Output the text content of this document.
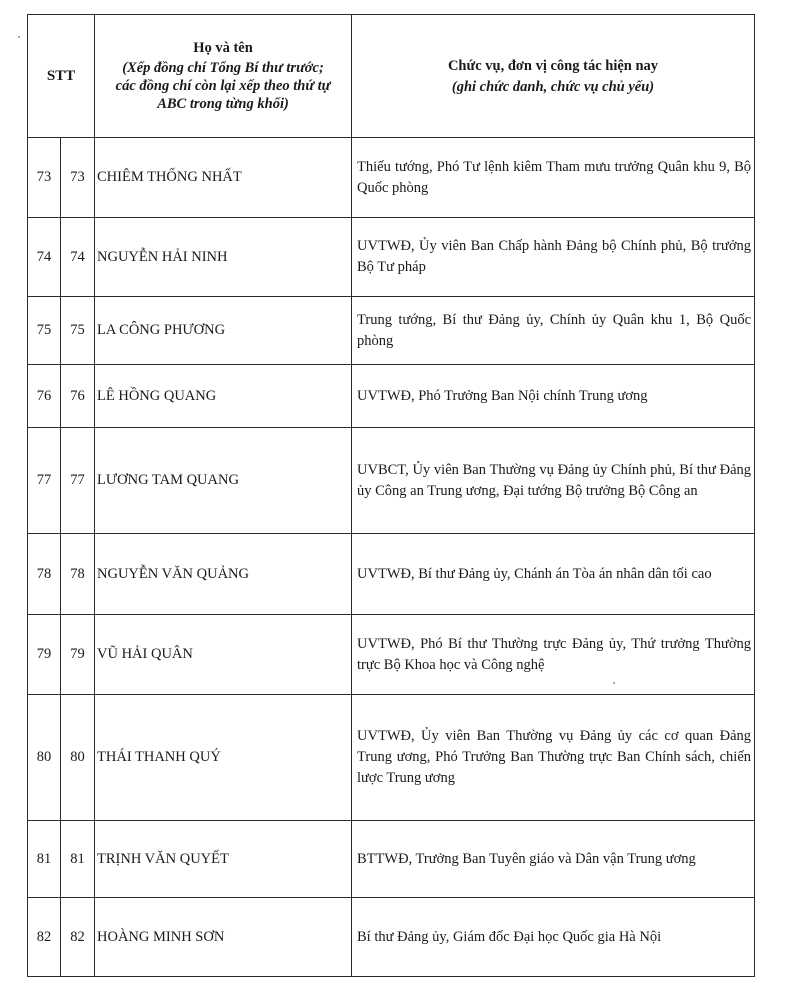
STT		Họ và tên
(Xếp đồng chí Tổng Bí thư trước;
các đồng chí còn lại xếp theo thứ tự
ABC trong từng khối)	Chức vụ, đơn vị công tác hiện nay
(ghi chức danh, chức vụ chủ yếu)

73	73	CHIÊM THỐNG NHẤT	Thiếu tướng, Phó Tư lệnh kiêm Tham mưu trưởng Quân khu 9, Bộ Quốc phòng
74	74	NGUYỄN HẢI NINH	UVTWĐ, Ủy viên Ban Chấp hành Đảng bộ Chính phủ, Bộ trưởng Bộ Tư pháp
75	75	LA CÔNG PHƯƠNG	Trung tướng, Bí thư Đảng ủy, Chính ủy Quân khu 1, Bộ Quốc phòng
76	76	LÊ HỒNG QUANG	UVTWĐ, Phó Trưởng Ban Nội chính Trung ương
77	77	LƯƠNG TAM QUANG	UVBCT, Ủy viên Ban Thường vụ Đảng ủy Chính phủ, Bí thư Đảng ủy Công an Trung ương, Đại tướng Bộ trưởng Bộ Công an
78	78	NGUYỄN VĂN QUẢNG	UVTWĐ, Bí thư Đảng ủy, Chánh án Tòa án nhân dân tối cao
79	79	VŨ HẢI QUÂN	UVTWĐ, Phó Bí thư Thường trực Đảng ủy, Thứ trưởng Thường trực Bộ Khoa học và Công nghệ
80	80	THÁI THANH QUÝ	UVTWĐ, Ủy viên Ban Thường vụ Đảng ủy các cơ quan Đảng Trung ương, Phó Trưởng Ban Thường trực Ban Chính sách, chiến lược Trung ương
81	81	TRỊNH VĂN QUYẾT	BTTWĐ, Trưởng Ban Tuyên giáo và Dân vận Trung ương
82	82	HOÀNG MINH SƠN	Bí thư Đảng ủy, Giám đốc Đại học Quốc gia Hà Nội
